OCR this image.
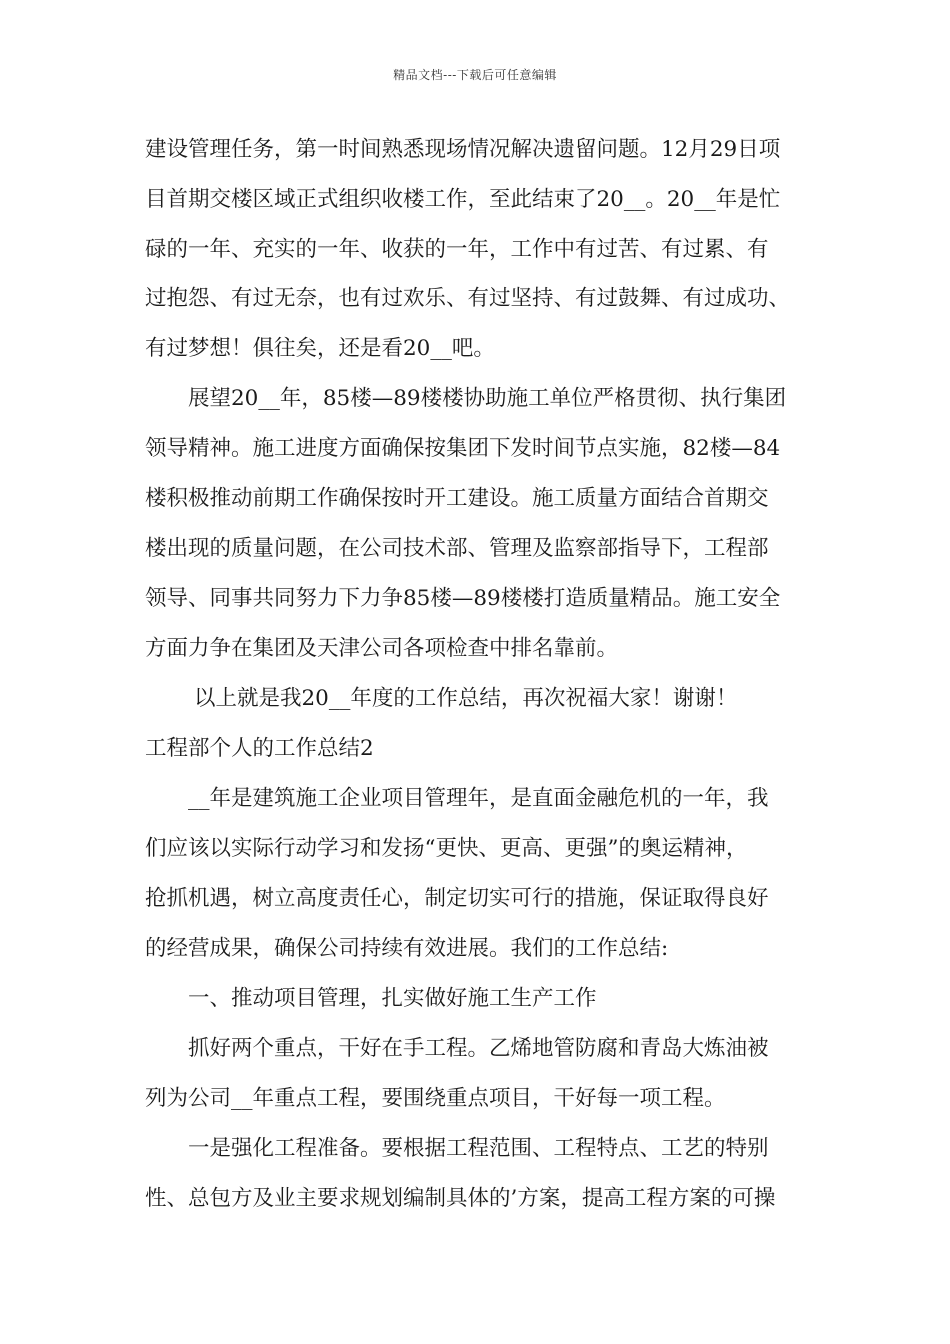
精品文档---下载后可任意编辑
建设管理任务，第一时间熟悉现场情况解决遗留问题。12月29日项
目首期交楼区域正式组织收楼工作，至此结束了20__。20__年是忙
碌的一年、充实的一年、收获的一年，工作中有过苦、有过累、有
过抱怨、有过无奈，也有过欢乐、有过坚持、有过鼓舞、有过成功、
有过梦想！俱往矣，还是看20__吧。
展望20__年，85楼—89楼楼协助施工单位严格贯彻、执行集团
领导精神。施工进度方面确保按集团下发时间节点实施，82楼—84
楼积极推动前期工作确保按时开工建设。施工质量方面结合首期交
楼出现的质量问题，在公司技术部、管理及监察部指导下，工程部
领导、同事共同努力下力争85楼—89楼楼打造质量精品。施工安全
方面力争在集团及天津公司各项检查中排名靠前。
以上就是我20__年度的工作总结，再次祝福大家！谢谢！
工程部个人的工作总结2
__年是建筑施工企业项目管理年，是直面金融危机的一年，我
们应该以实际行动学习和发扬“更快、更高、更强”的奥运精神，
抢抓机遇，树立高度责任心，制定切实可行的措施，保证取得良好
的经营成果，确保公司持续有效进展。我们的工作总结:
一、推动项目管理，扎实做好施工生产工作
抓好两个重点，干好在手工程。乙烯地管防腐和青岛大炼油被
列为公司__年重点工程，要围绕重点项目，干好每一项工程。
一是强化工程准备。要根据工程范围、工程特点、工艺的特别
性、总包方及业主要求规划编制具体的’方案，提高工程方案的可操
